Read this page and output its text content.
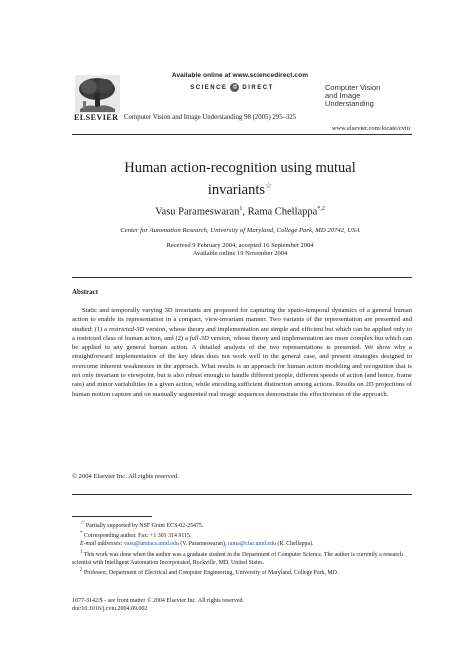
Available online at www.sciencedirect.com
SCIENCE @ DIRECT
ELSEVIER Computer Vision and Image Understanding 98 (2005) 295–325
Computer Vision
and Image
Understanding
www.elsevier.com/locate/cviu
Human action-recognition using mutual
invariants☆
Vasu Parameswaran$^1$, Rama Chellappa$^{*,2}$
Center for Automation Research, University of Maryland, College Park, MD 20742, USA
Received 9 February 2004; accepted 16 September 2004
Available online 19 November 2004
Abstract
Static and temporally varying 3D invariants are proposed for capturing the spatio-temporal dynamics of a general human action to enable its representation in a compact, view-invariant manner. Two variants of the representation are presented and studied: (1) a restricted-3D version, whose theory and implementation are simple and efficient but which can be applied only to a restricted class of human action, and (2) a full-3D version, whose theory and implementation are more complex but which can be applied to any general human action. A detailed analysis of the two representations is presented. We show why a straightforward implementation of the key ideas does not work well in the general case, and present strategies designed to overcome inherent weaknesses in the approach. What results is an approach for human action modeling and recognition that is not only invariant to viewpoint, but is also robust enough to handle different people, different speeds of action (and hence, frame rate) and minor variabilities in a given action, while encoding sufficient distinction among actions. Results on 2D projections of human motion capture and on manually segmented real image sequences demonstrate the effectiveness of the approach.
© 2004 Elsevier Inc. All rights reserved.

☆ Partially supported by NSF Grant ECS-02-25475.

* Corresponding author. Fax: +1 301 314 9115.

E-mail addresses: vasu@umiacs.umd.edu (V. Parameswaran), rama@cfar.umd.edu (R. Chellappa).

$^1$ This work was done when the author was a graduate student in the Department of Computer Science. The author is currently a research scientist with Intelligent Automation Incorporated, Rockville, MD, United States.

$^2$ Professor, Department of Electrical and Computer Engineering, University of Maryland, College Park, MD.

1077-3142/$ - see front matter © 2004 Elsevier Inc. All rights reserved.
doi:10.1016/j.cviu.2004.09.002
